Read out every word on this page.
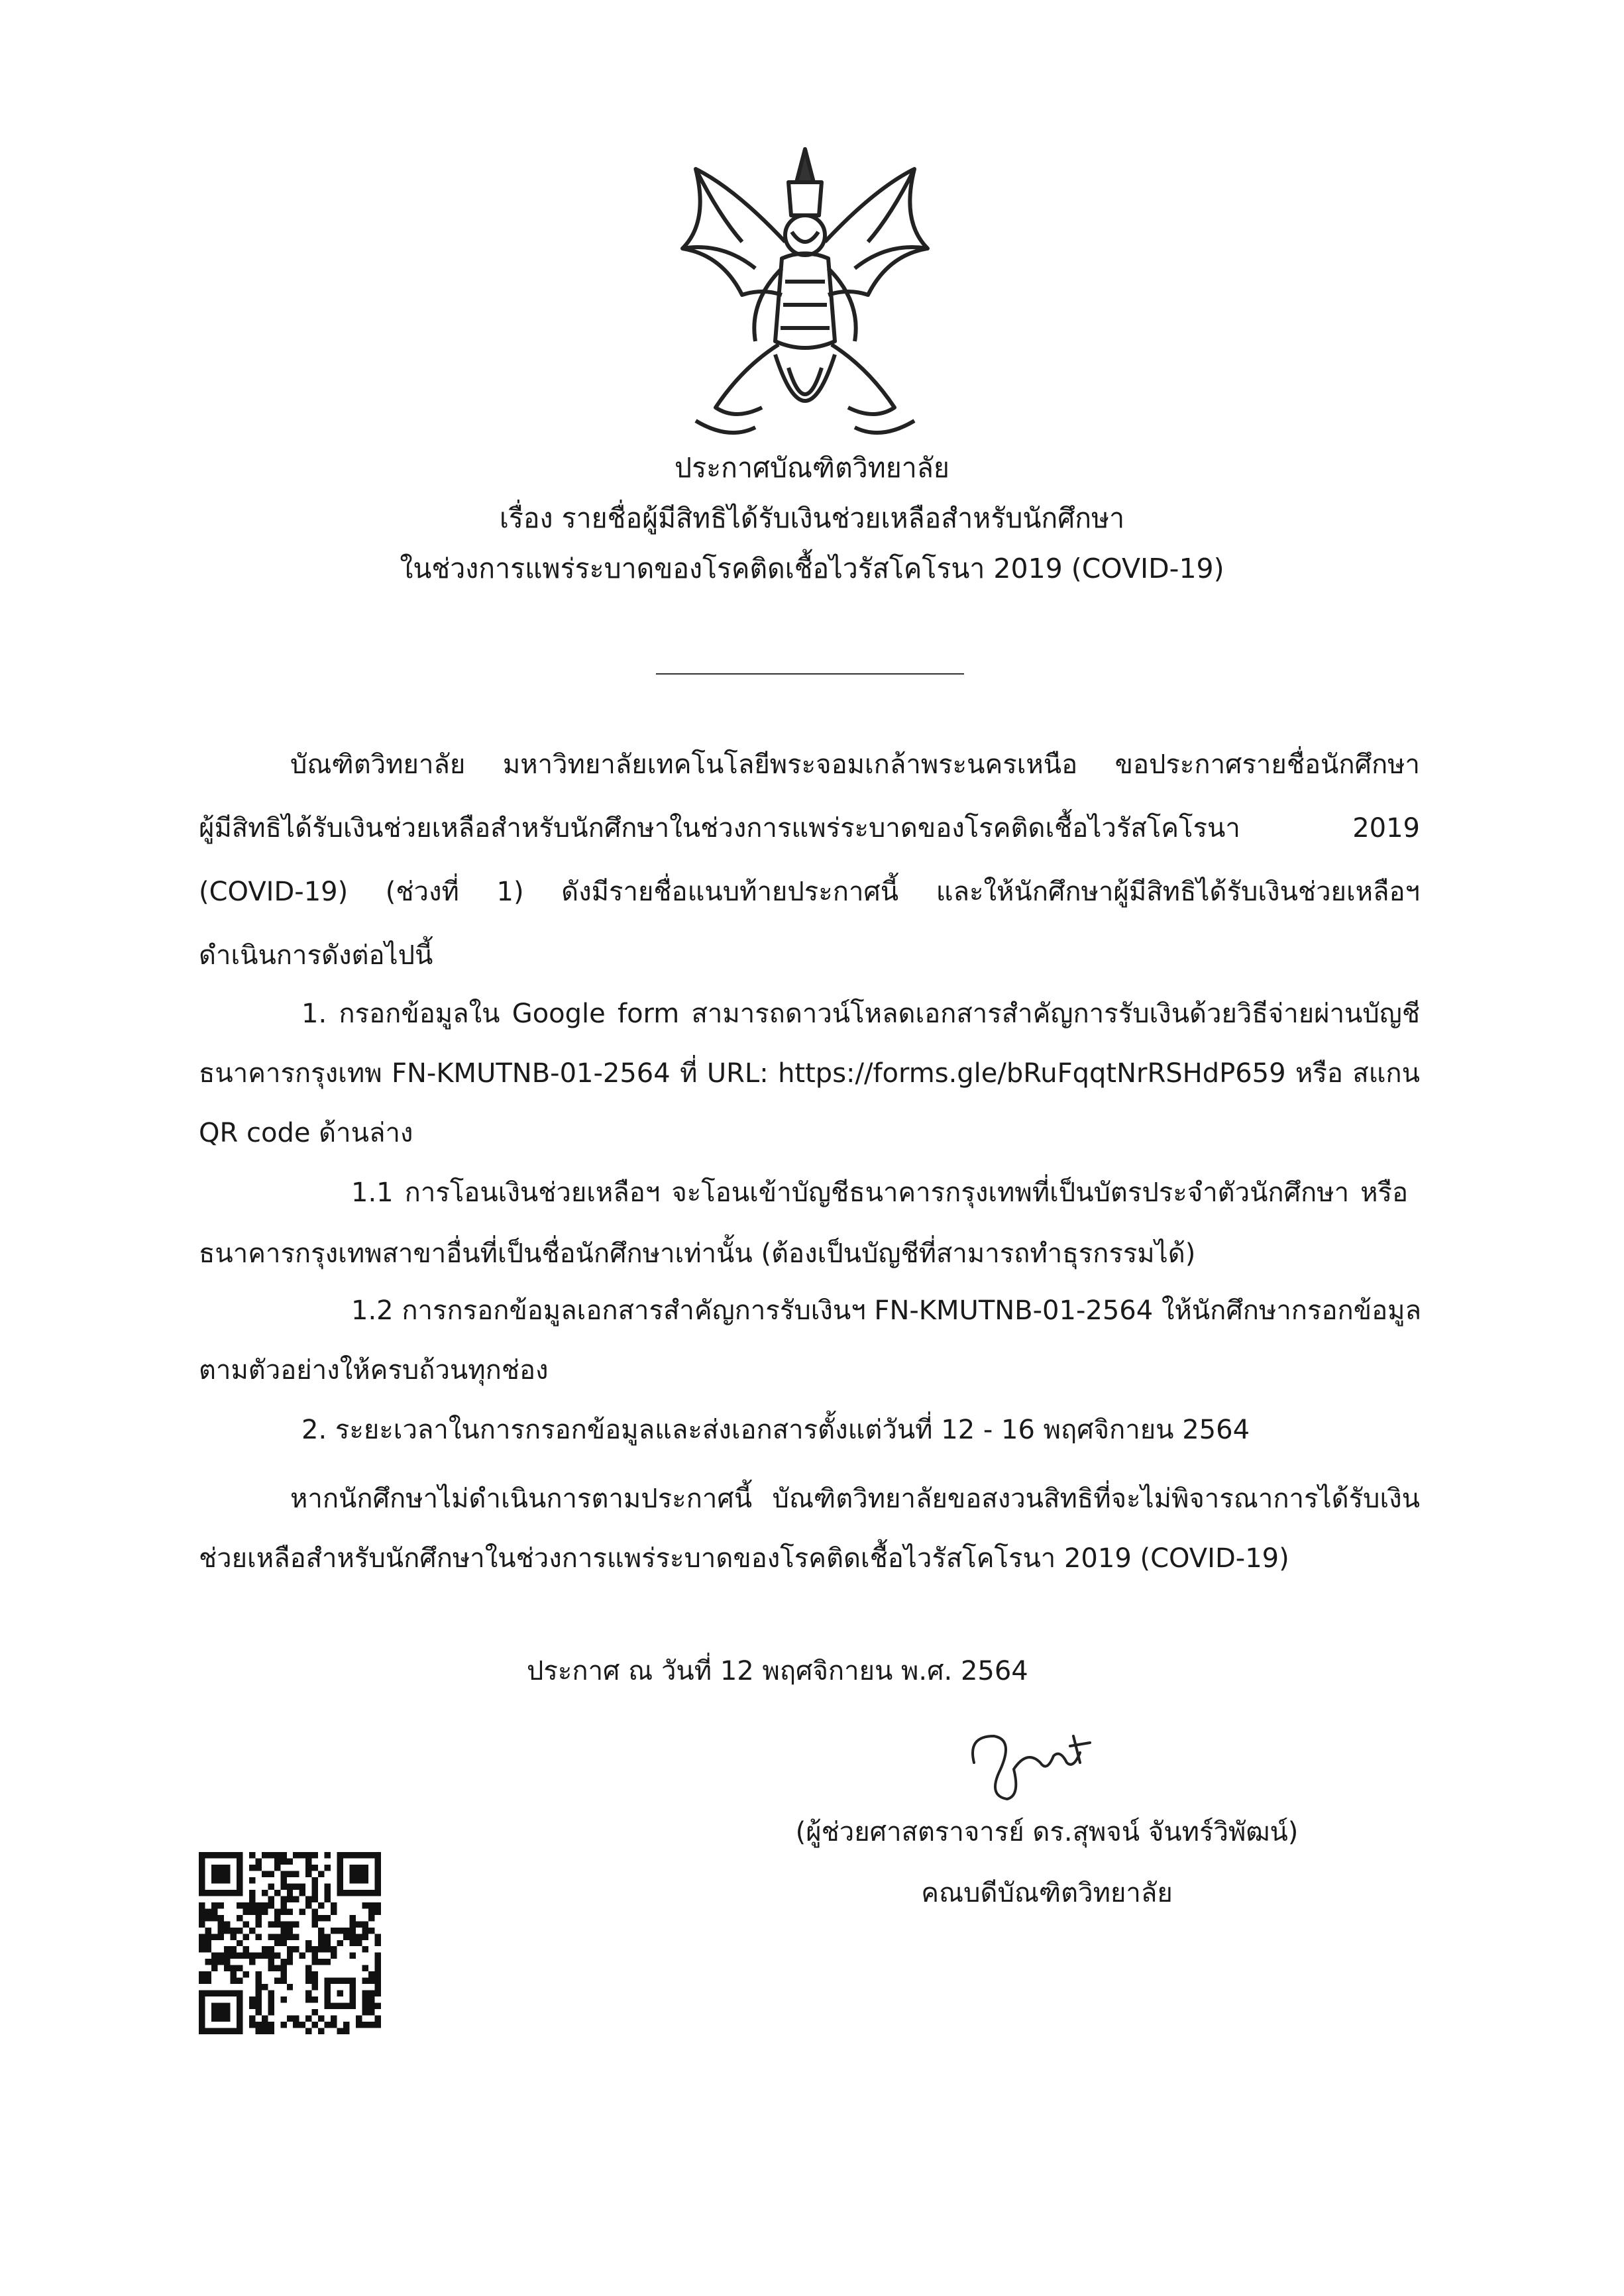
ประกาศบัณฑิตวิทยาลัย
เรื่อง รายชื่อผู้มีสิทธิได้รับเงินช่วยเหลือสำหรับนักศึกษา
ในช่วงการแพร่ระบาดของโรคติดเชื้อไวรัสโคโรนา 2019 (COVID-19)
บัณฑิตวิทยาลัย มหาวิทยาลัยเทคโนโลยีพระจอมเกล้าพระนครเหนือ ขอประกาศรายชื่อนักศึกษา
ผู้มีสิทธิได้รับเงินช่วยเหลือสำหรับนักศึกษาในช่วงการแพร่ระบาดของโรคติดเชื้อไวรัสโคโรนา 2019
(COVID-19) (ช่วงที่ 1) ดังมีรายชื่อแนบท้ายประกาศนี้ และให้นักศึกษาผู้มีสิทธิได้รับเงินช่วยเหลือฯ
ดำเนินการดังต่อไปนี้
1. กรอกข้อมูลใน Google form สามารถดาวน์โหลดเอกสารสำคัญการรับเงินด้วยวิธีจ่ายผ่านบัญชี
ธนาคารกรุงเทพ FN-KMUTNB-01-2564 ที่ URL: https://forms.gle/bRuFqqtNrRSHdP659 หรือ สแกน
QR code ด้านล่าง
1.1 การโอนเงินช่วยเหลือฯ จะโอนเข้าบัญชีธนาคารกรุงเทพที่เป็นบัตรประจำตัวนักศึกษา หรือ
ธนาคารกรุงเทพสาขาอื่นที่เป็นชื่อนักศึกษาเท่านั้น (ต้องเป็นบัญชีที่สามารถทำธุรกรรมได้)
1.2 การกรอกข้อมูลเอกสารสำคัญการรับเงินฯ FN-KMUTNB-01-2564 ให้นักศึกษากรอกข้อมูล
ตามตัวอย่างให้ครบถ้วนทุกช่อง
2. ระยะเวลาในการกรอกข้อมูลและส่งเอกสารตั้งแต่วันที่ 12 - 16 พฤศจิกายน 2564
หากนักศึกษาไม่ดำเนินการตามประกาศนี้ บัณฑิตวิทยาลัยขอสงวนสิทธิที่จะไม่พิจารณาการได้รับเงิน
ช่วยเหลือสำหรับนักศึกษาในช่วงการแพร่ระบาดของโรคติดเชื้อไวรัสโคโรนา 2019 (COVID-19)
ประกาศ ณ วันที่ 12 พฤศจิกายน พ.ศ. 2564
(ผู้ช่วยศาสตราจารย์ ดร.สุพจน์ จันทร์วิพัฒน์)
คณบดีบัณฑิตวิทยาลัย
